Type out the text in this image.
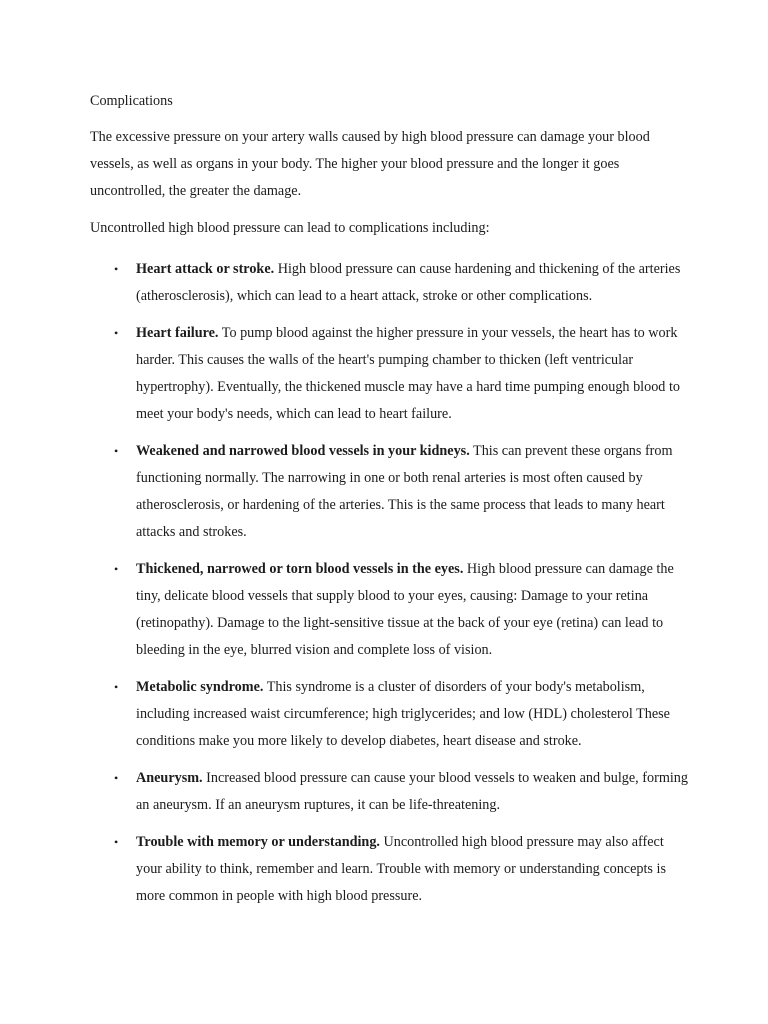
Complications

The excessive pressure on your artery walls caused by high blood pressure can damage your blood vessels, as well as organs in your body. The higher your blood pressure and the longer it goes uncontrolled, the greater the damage.

Uncontrolled high blood pressure can lead to complications including:

• Heart attack or stroke. High blood pressure can cause hardening and thickening of the arteries (atherosclerosis), which can lead to a heart attack, stroke or other complications.
• Heart failure. To pump blood against the higher pressure in your vessels, the heart has to work harder. This causes the walls of the heart's pumping chamber to thicken (left ventricular hypertrophy). Eventually, the thickened muscle may have a hard time pumping enough blood to meet your body's needs, which can lead to heart failure.
• Weakened and narrowed blood vessels in your kidneys. This can prevent these organs from functioning normally. The narrowing in one or both renal arteries is most often caused by atherosclerosis, or hardening of the arteries. This is the same process that leads to many heart attacks and strokes.
• Thickened, narrowed or torn blood vessels in the eyes. High blood pressure can damage the tiny, delicate blood vessels that supply blood to your eyes, causing: Damage to your retina (retinopathy). Damage to the light-sensitive tissue at the back of your eye (retina) can lead to bleeding in the eye, blurred vision and complete loss of vision.
• Metabolic syndrome. This syndrome is a cluster of disorders of your body's metabolism, including increased waist circumference; high triglycerides; and low (HDL) cholesterol These conditions make you more likely to develop diabetes, heart disease and stroke.
• Aneurysm. Increased blood pressure can cause your blood vessels to weaken and bulge, forming an aneurysm. If an aneurysm ruptures, it can be life-threatening.
• Trouble with memory or understanding. Uncontrolled high blood pressure may also affect your ability to think, remember and learn. Trouble with memory or understanding concepts is more common in people with high blood pressure.
